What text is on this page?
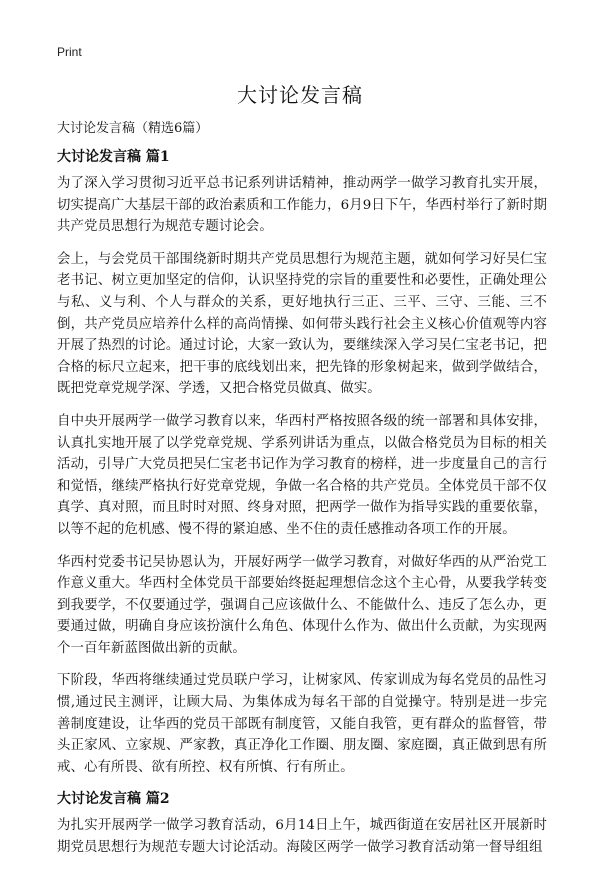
Print
大讨论发言稿
大讨论发言稿（精选6篇）
大讨论发言稿 篇1

为了深入学习贯彻习近平总书记系列讲话精神，推动两学一做学习教育扎实开展，切实提高广大基层干部的政治素质和工作能力，6月9日下午，华西村举行了新时期共产党员思想行为规范专题讨论会。

会上，与会党员干部围绕新时期共产党员思想行为规范主题，就如何学习好吴仁宝老书记、树立更加坚定的信仰，认识坚持党的宗旨的重要性和必要性，正确处理公与私、义与利、个人与群众的关系，更好地执行三正、三平、三守、三能、三不倒，共产党员应培养什么样的高尚情操、如何带头践行社会主义核心价值观等内容开展了热烈的讨论。通过讨论，大家一致认为，要继续深入学习吴仁宝老书记，把合格的标尺立起来，把干事的底线划出来，把先锋的形象树起来，做到学做结合，既把党章党规学深、学透，又把合格党员做真、做实。

自中央开展两学一做学习教育以来，华西村严格按照各级的统一部署和具体安排，认真扎实地开展了以学党章党规、学系列讲话为重点，以做合格党员为目标的相关活动，引导广大党员把吴仁宝老书记作为学习教育的榜样，进一步度量自己的言行和觉悟，继续严格执行好党章党规，争做一名合格的共产党员。全体党员干部不仅真学、真对照，而且时时对照、终身对照，把两学一做作为指导实践的重要依靠，以等不起的危机感、慢不得的紧迫感、坐不住的责任感推动各项工作的开展。

华西村党委书记吴协恩认为，开展好两学一做学习教育，对做好华西的从严治党工作意义重大。华西村全体党员干部要始终挺起理想信念这个主心骨，从要我学转变到我要学，不仅要通过学，强调自己应该做什么、不能做什么、违反了怎么办，更要通过做，明确自身应该扮演什么角色、体现什么作为、做出什么贡献，为实现两个一百年新蓝图做出新的贡献。

下阶段，华西将继续通过党员联户学习，让树家风、传家训成为每名党员的品性习惯,通过民主测评，让顾大局、为集体成为每名干部的自觉操守。特别是进一步完善制度建设，让华西的党员干部既有制度管，又能自我管，更有群众的监督管，带头正家风、立家规、严家教，真正净化工作圈、朋友圈、家庭圈，真正做到思有所戒、心有所畏、欲有所控、权有所慎、行有所止。

大讨论发言稿 篇2

为扎实开展两学一做学习教育活动，6月14日上午，城西街道在安居社区开展新时期党员思想行为规范专题大讨论活动。海陵区两学一做学习教育活动第一督导组组
